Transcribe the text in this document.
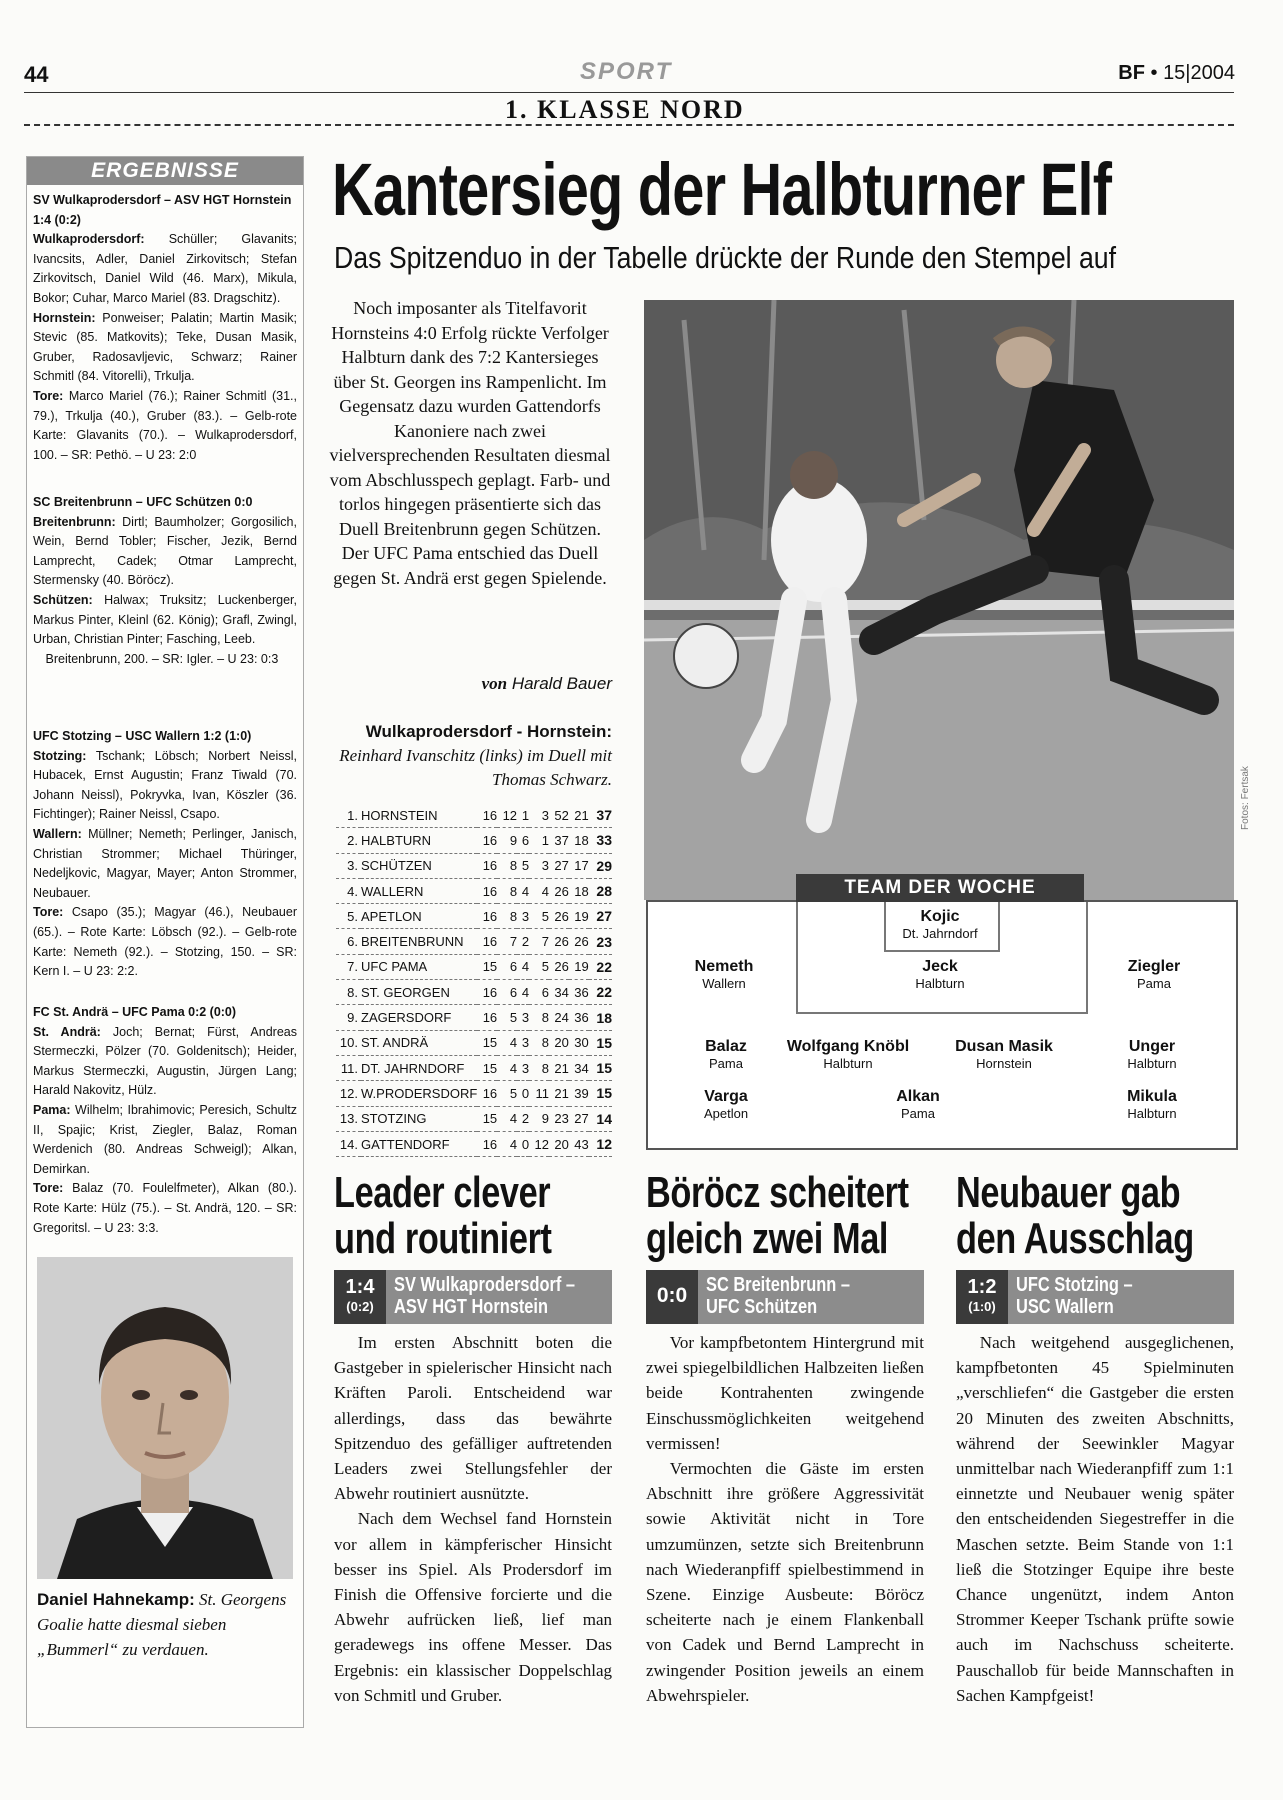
44	SPORT	BF • 15|2004
1. KLASSE NORD
ERGEBNISSE
SV Wulkaprodersdorf – ASV HGT Hornstein 1:4 (0:2)
Wulkaprodersdorf: Schüller; Glavanits; Ivancsits, Adler, Daniel Zirkovitsch; Stefan Zirkovitsch, Daniel Wild (46. Marx), Mikula, Bokor; Cuhar, Marco Mariel (83. Dragschitz).
Hornstein: Ponweiser; Palatin; Martin Masik; Stevic (85. Matkovits); Teke, Dusan Masik, Gruber, Radosavljevic, Schwarz; Rainer Schmitl (84. Vitorelli), Trkulja.
Tore: Marco Mariel (76.); Rainer Schmitl (31., 79.), Trkulja (40.), Gruber (83.). – Gelb-rote Karte: Glavanits (70.). – Wulkaprodersdorf, 100. – SR: Pethö. – U 23: 2:0
SC Breitenbrunn – UFC Schützen 0:0
Breitenbrunn: Dirtl; Baumholzer; Gorgosilich, Wein, Bernd Tobler; Fischer, Jezik, Bernd Lamprecht, Cadek; Otmar Lamprecht, Stermensky (40. Böröcz).
Schützen: Halwax; Truksitz; Luckenberger, Markus Pinter, Kleinl (62. König); Grafl, Zwingl, Urban, Christian Pinter; Fasching, Leeb.
Breitenbrunn, 200. – SR: Igler. – U 23: 0:3
UFC Stotzing – USC Wallern 1:2 (1:0)
Stotzing: Tschank; Löbsch; Norbert Neissl, Hubacek, Ernst Augustin; Franz Tiwald (70. Johann Neissl), Pokryvka, Ivan, Köszler (36. Fichtinger); Rainer Neissl, Csapo.
Wallern: Müllner; Nemeth; Perlinger, Janisch, Christian Strommer; Michael Thüringer, Nedeljkovic, Magyar, Mayer; Anton Strommer, Neubauer.
Tore: Csapo (35.); Magyar (46.), Neubauer (65.). – Rote Karte: Löbsch (92.). – Gelb-rote Karte: Nemeth (92.). – Stotzing, 150. – SR: Kern I. – U 23: 2:2.
FC St. Andrä – UFC Pama 0:2 (0:0)
St. Andrä: Joch; Bernat; Fürst, Andreas Stermeczki, Pölzer (70. Goldenitsch); Heider, Markus Stermeczki, Augustin, Jürgen Lang; Harald Nakovitz, Hülz.
Pama: Wilhelm; Ibrahimovic; Peresich, Schultz II, Spajic; Krist, Ziegler, Balaz, Roman Werdenich (80. Andreas Schweigl); Alkan, Demirkan.
Tore: Balaz (70. Foulelfmeter), Alkan (80.). Rote Karte: Hülz (75.). – St. Andrä, 120. – SR: Gregoritsl. – U 23: 3:3.
Daniel Hahnekamp: St. Georgens Goalie hatte diesmal sieben „Bummerl“ zu verdauen.
Kantersieg der Halbturner Elf
Das Spitzenduo in der Tabelle drückte der Runde den Stempel auf
Noch imposanter als Titelfavorit Hornsteins 4:0 Erfolg rückte Verfolger Halbturn dank des 7:2 Kantersieges über St. Georgen ins Rampenlicht. Im Gegensatz dazu wurden Gattendorfs Kanoniere nach zwei vielversprechenden Resultaten diesmal vom Abschlusspech geplagt. Farb- und torlos hingegen präsentierte sich das Duell Breitenbrunn gegen Schützen. Der UFC Pama entschied das Duell gegen St. Andrä erst gegen Spielende.
von Harald Bauer
Wulkaprodersdorf - Hornstein:
Reinhard Ivanschitz (links) im Duell mit Thomas Schwarz.
1.	HORNSTEIN	16	12	1	3	52	21	37
2.	HALBTURN	16	9	6	1	37	18	33
3.	SCHÜTZEN	16	8	5	3	27	17	29
4.	WALLERN	16	8	4	4	26	18	28
5.	APETLON	16	8	3	5	26	19	27
6.	BREITENBRUNN	16	7	2	7	26	26	23
7.	UFC PAMA	15	6	4	5	26	19	22
8.	ST. GEORGEN	16	6	4	6	34	36	22
9.	ZAGERSDORF	16	5	3	8	24	36	18
10.	ST. ANDRÄ	15	4	3	8	20	30	15
11.	DT. JAHRNDORF	15	4	3	8	21	34	15
12.	W.PRODERSDORF	16	5	0	11	21	39	15
13.	STOTZING	15	4	2	9	23	27	14
14.	GATTENDORF	16	4	0	12	20	43	12
Fotos: Fertsak
TEAM DER WOCHE
Kojic
Dt. Jahrndorf
Nemeth
Wallern
Jeck
Halbturn
Ziegler
Pama
Balaz
Pama
Wolfgang Knöbl
Halbturn
Dusan Masik
Hornstein
Unger
Halbturn
Varga
Apetlon
Alkan
Pama
Mikula
Halbturn
Leader clever
und routiniert
1:4
(0:2)
SV Wulkaprodersdorf –
ASV HGT Hornstein

Im ersten Abschnitt boten die Gastgeber in spielerischer Hinsicht nach Kräften Paroli. Entscheidend war allerdings, dass das bewährte Spitzenduo des gefälliger auftretenden Leaders zwei Stellungsfehler der Abwehr routiniert ausnützte.

Nach dem Wechsel fand Hornstein vor allem in kämpferischer Hinsicht besser ins Spiel. Als Prodersdorf im Finish die Offensive forcierte und die Abwehr aufrücken ließ, lief man geradewegs ins offene Messer. Das Ergebnis: ein klassischer Doppelschlag von Schmitl und Gruber.

Böröcz scheitert
gleich zwei Mal
0:0 SC Breitenbrunn –
UFC Schützen

Vor kampfbetontem Hintergrund mit zwei spiegelbildlichen Halbzeiten ließen beide Kontrahenten zwingende Einschussmöglichkeiten weitgehend vermissen!

Vermochten die Gäste im ersten Abschnitt ihre größere Aggressivität sowie Aktivität nicht in Tore umzumünzen, setzte sich Breitenbrunn nach Wiederanpfiff spielbestimmend in Szene. Einzige Ausbeute: Böröcz scheiterte nach je einem Flankenball von Cadek und Bernd Lamprecht in zwingender Position jeweils an einem Abwehrspieler.

Neubauer gab
den Ausschlag
1:2
(1:0)
UFC Stotzing –
USC Wallern

Nach weitgehend ausgeglichenen, kampfbetonten 45 Spielminuten „verschliefen“ die Gastgeber die ersten 20 Minuten des zweiten Abschnitts, während der Seewinkler Magyar unmittelbar nach Wiederanpfiff zum 1:1 einnetzte und Neubauer wenig später den entscheidenden Siegestreffer in die Maschen setzte. Beim Stande von 1:1 ließ die Stotzinger Equipe ihre beste Chance ungenützt, indem Anton Strommer Keeper Tschank prüfte sowie auch im Nachschuss scheiterte. Pauschallob für beide Mannschaften in Sachen Kampfgeist!
